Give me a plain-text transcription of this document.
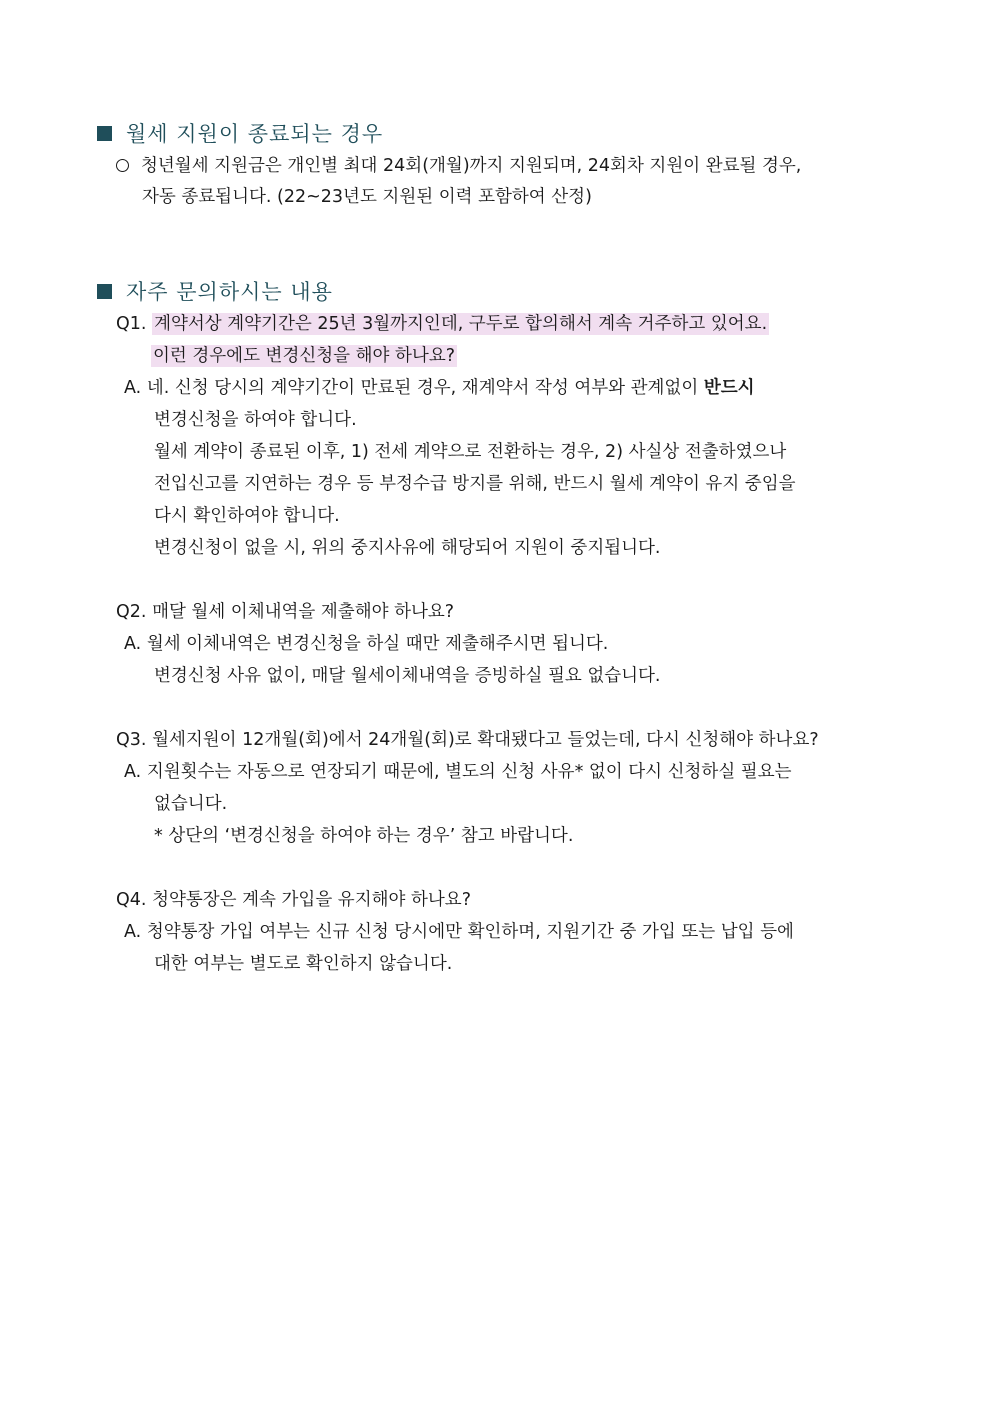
월세 지원이 종료되는 경우
청년월세 지원금은 개인별 최대 24회(개월)까지 지원되며, 24회차 지원이 완료될 경우,
자동 종료됩니다. (22~23년도 지원된 이력 포함하여 산정)
자주 문의하시는 내용
Q1. 계약서상 계약기간은 25년 3월까지인데, 구두로 합의해서 계속 거주하고 있어요.
이런 경우에도 변경신청을 해야 하나요?
A. 네. 신청 당시의 계약기간이 만료된 경우, 재계약서 작성 여부와 관계없이 반드시
변경신청을 하여야 합니다.
월세 계약이 종료된 이후, 1) 전세 계약으로 전환하는 경우, 2) 사실상 전출하였으나
전입신고를 지연하는 경우 등 부정수급 방지를 위해, 반드시 월세 계약이 유지 중임을
다시 확인하여야 합니다.
변경신청이 없을 시, 위의 중지사유에 해당되어 지원이 중지됩니다.
Q2. 매달 월세 이체내역을 제출해야 하나요?
A. 월세 이체내역은 변경신청을 하실 때만 제출해주시면 됩니다.
변경신청 사유 없이, 매달 월세이체내역을 증빙하실 필요 없습니다.
Q3. 월세지원이 12개월(회)에서 24개월(회)로 확대됐다고 들었는데, 다시 신청해야 하나요?
A. 지원횟수는 자동으로 연장되기 때문에, 별도의 신청 사유* 없이 다시 신청하실 필요는
없습니다.
* 상단의 ‘변경신청을 하여야 하는 경우’ 참고 바랍니다.
Q4. 청약통장은 계속 가입을 유지해야 하나요?
A. 청약통장 가입 여부는 신규 신청 당시에만 확인하며, 지원기간 중 가입 또는 납입 등에
대한 여부는 별도로 확인하지 않습니다.
